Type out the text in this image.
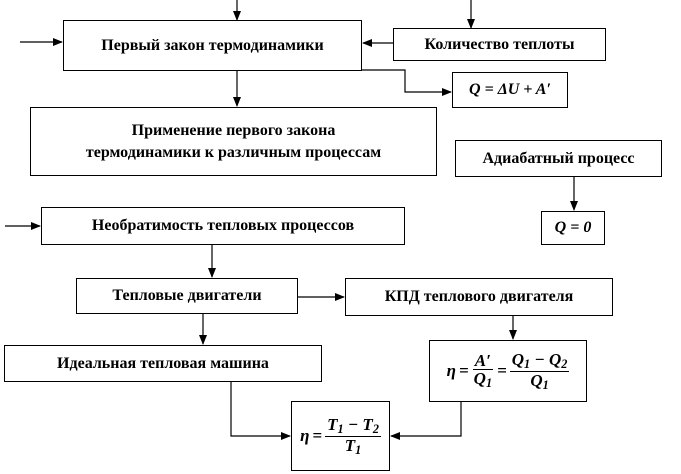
Первый закон термодинамики	Количество теплоты
Q = ΔU + A′
Применение первого закона
термодинамики к различным процессам	Адиабатный процесс
Q = 0
Необратимость тепловых процессов
Тепловые двигатели	КПД теплового двигателя
Идеальная тепловая машина	$\eta = \frac{A'}{Q_1} = \frac{Q_1 - Q_2}{Q_1}$
$\eta = \frac{T_1 - T_2}{T_1}$
